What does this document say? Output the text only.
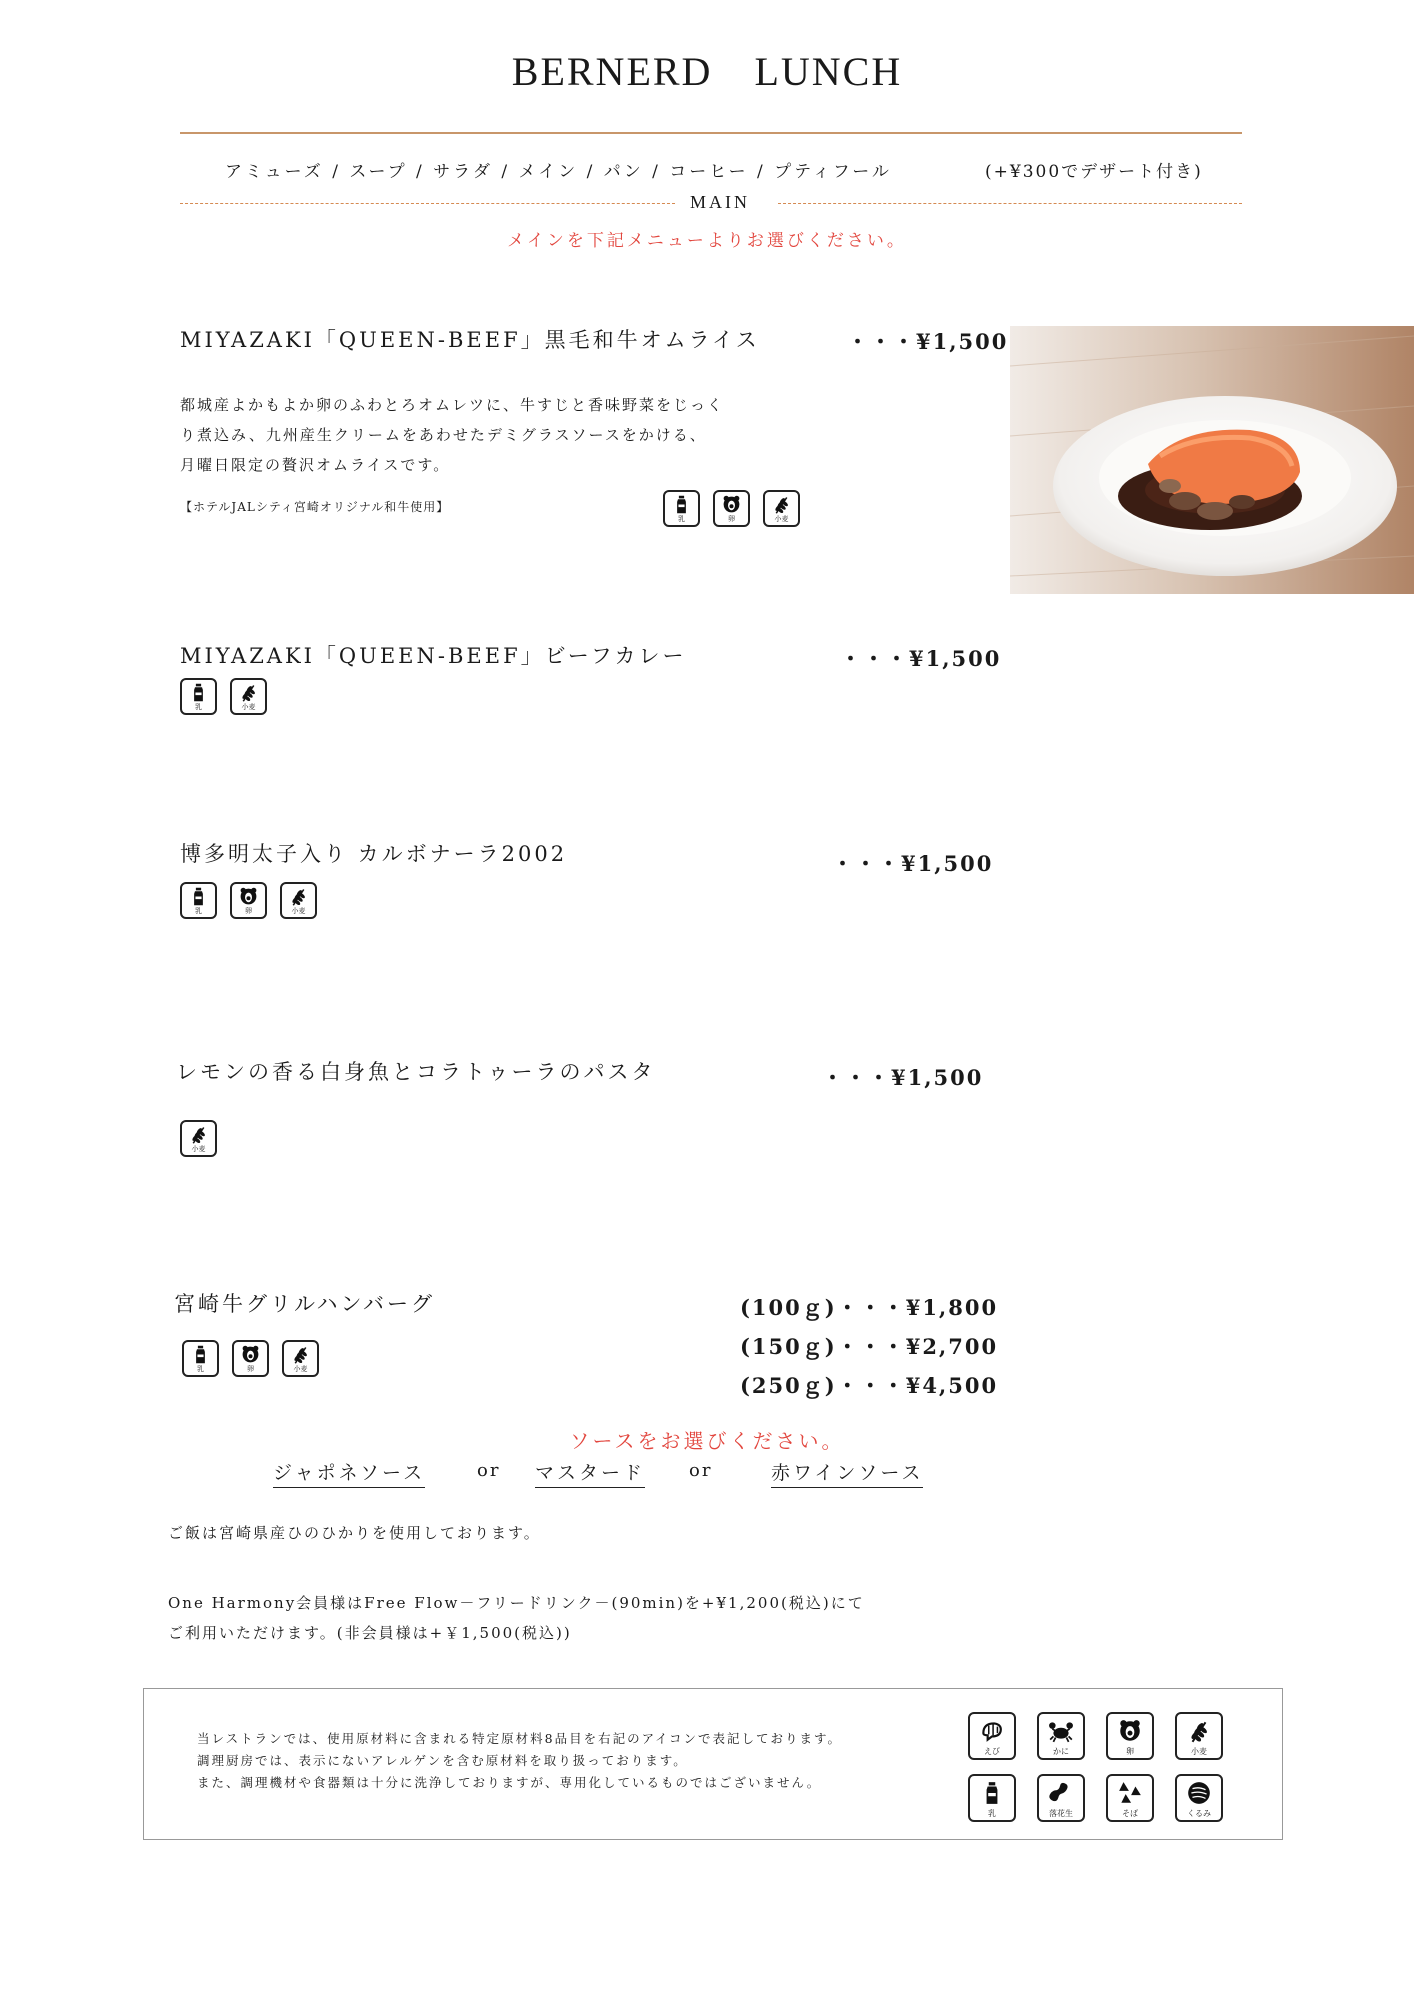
BERNERD　LUNCH
アミューズ / スープ / サラダ / メイン / パン / コーヒー / プティフール	(+¥300でデザート付き)
MAIN
メインを下記メニューよりお選びください。
MIYAZAKI「QUEEN-BEEF」黒毛和牛オムライス	・・・¥1,500
都城産よかもよか卵のふわとろオムレツに、牛すじと香味野菜をじっく
り煮込み、九州産生クリームをあわせたデミグラスソースをかける、
月曜日限定の贅沢オムライスです。
【ホテルJALシティ宮崎オリジナル和牛使用】
乳	卵	小麦
MIYAZAKI「QUEEN-BEEF」ビーフカレー	・・・¥1,500
乳	小麦
博多明太子入り カルボナーラ2002	・・・¥1,500
乳	卵	小麦
レモンの香る白身魚とコラトゥーラのパスタ	・・・¥1,500
小麦
宮崎牛グリルハンバーグ	(100ｇ)・・・¥1,800
(150ｇ)・・・¥2,700
(250ｇ)・・・¥4,500
乳	卵	小麦
ソースをお選びください。
ジャポネソース	or マスタード or	赤ワインソース
ご飯は宮崎県産ひのひかりを使用しております。
One Harmony会員様はFree Flow－フリードリンク－(90min)を+¥1,200(税込)にて
ご利用いただけます。(非会員様は+￥1,500(税込))
当レストランでは、使用原材料に含まれる特定原材料8品目を右記のアイコンで表記しております。
調理厨房では、表示にないアレルゲンを含む原材料を取り扱っております。
また、調理機材や食器類は十分に洗浄しておりますが、専用化しているものではございません。
えび	かに	卵	小麦
乳	落花生	そば	くるみ
